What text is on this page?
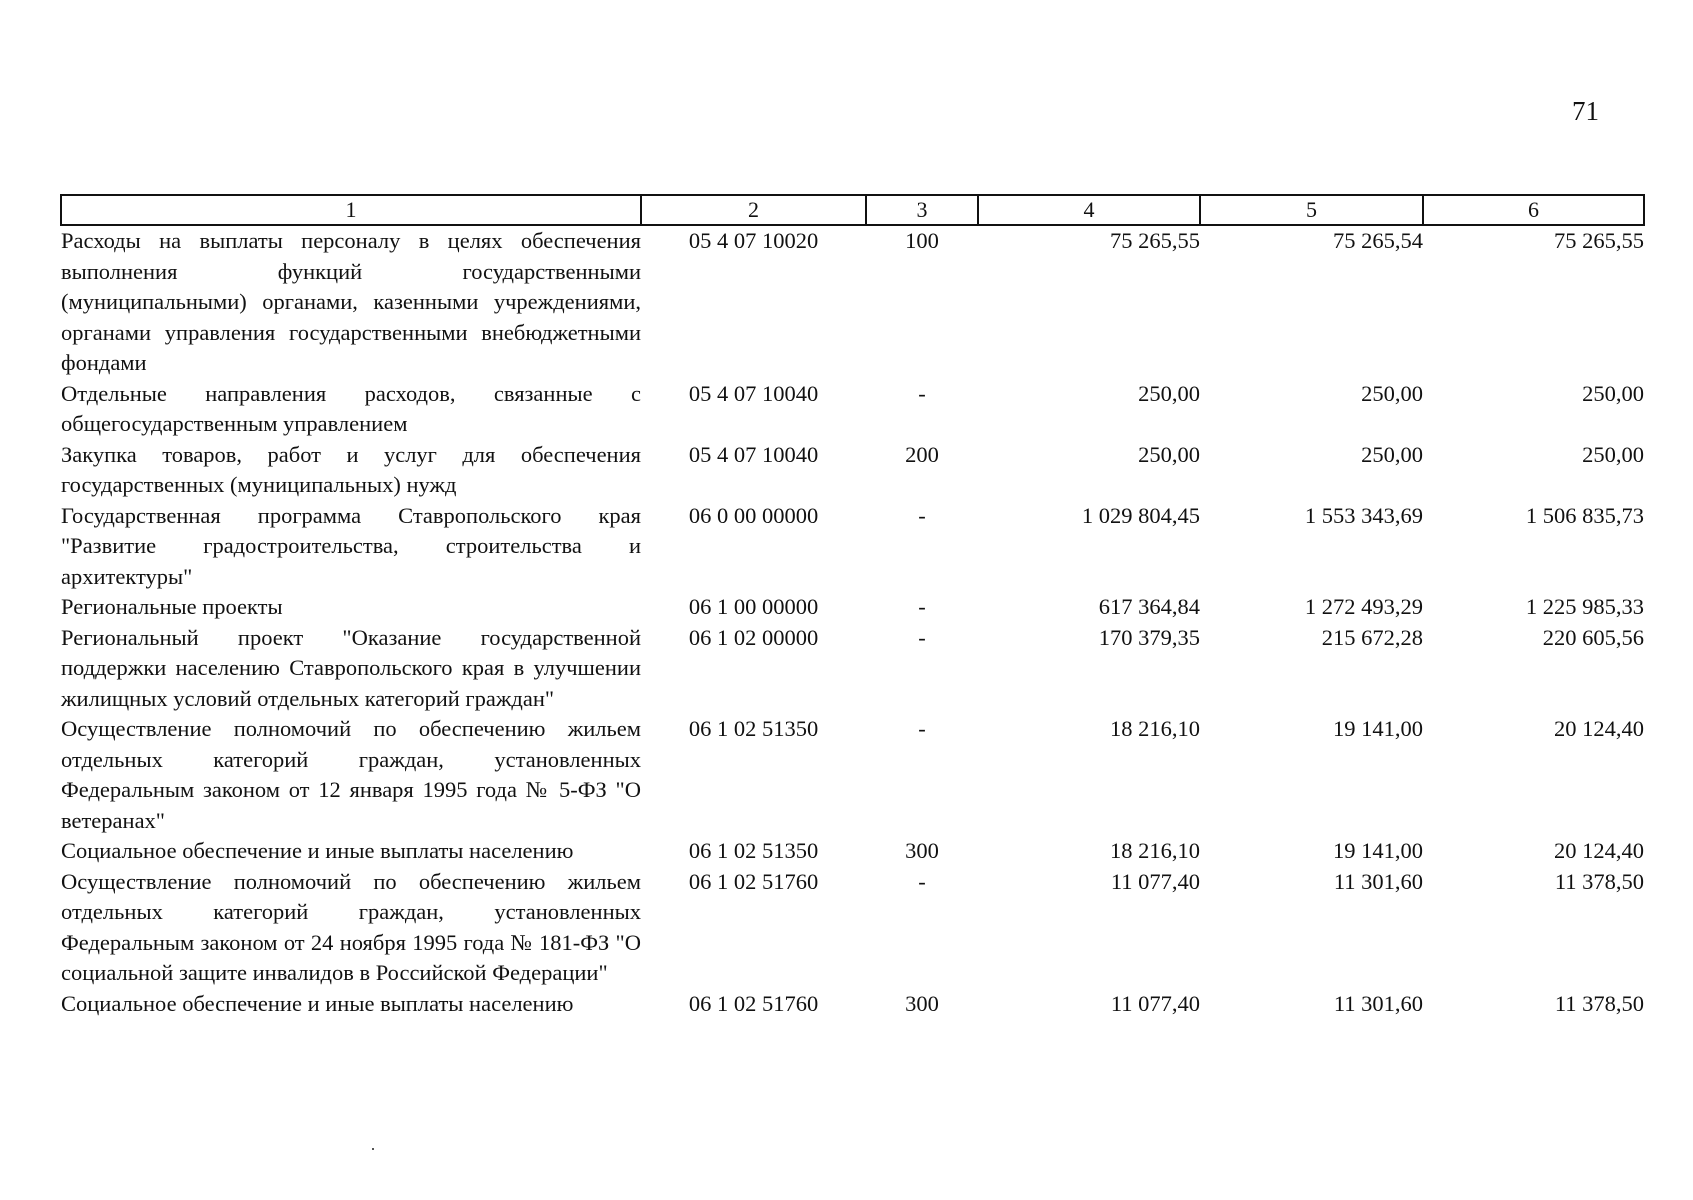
71
1	2	3	4	5	6
Расходы на выплаты персоналу в целях обеспечения выполнения функций государственными (муниципальными) органами, казенными учреждениями, органами управления государственными внебюджетными фондами	05 4 07 10020	100	75 265,55	75 265,54	75 265,55
Отдельные направления расходов, связанные с общегосударственным управлением	05 4 07 10040	-	250,00	250,00	250,00
Закупка товаров, работ и услуг для обеспечения государственных (муниципальных) нужд	05 4 07 10040	200	250,00	250,00	250,00
Государственная программа Ставропольского края "Развитие градостроительства, строительства и архитектуры"	06 0 00 00000	-	1 029 804,45	1 553 343,69	1 506 835,73
Региональные проекты	06 1 00 00000	-	617 364,84	1 272 493,29	1 225 985,33
Региональный проект "Оказание государственной поддержки населению Ставропольского края в улучшении жилищных условий отдельных категорий граждан"	06 1 02 00000	-	170 379,35	215 672,28	220 605,56
Осуществление полномочий по обеспечению жильем отдельных категорий граждан, установленных Федеральным законом от 12 января 1995 года № 5-ФЗ "О ветеранах"	06 1 02 51350	-	18 216,10	19 141,00	20 124,40
Социальное обеспечение и иные выплаты населению	06 1 02 51350	300	18 216,10	19 141,00	20 124,40
Осуществление полномочий по обеспечению жильем отдельных категорий граждан, установленных Федеральным законом от 24 ноября 1995 года № 181-ФЗ "О социальной защите инвалидов в Российской Федерации"	06 1 02 51760	-	11 077,40	11 301,60	11 378,50
Социальное обеспечение и иные выплаты населению	06 1 02 51760	300	11 077,40	11 301,60	11 378,50
